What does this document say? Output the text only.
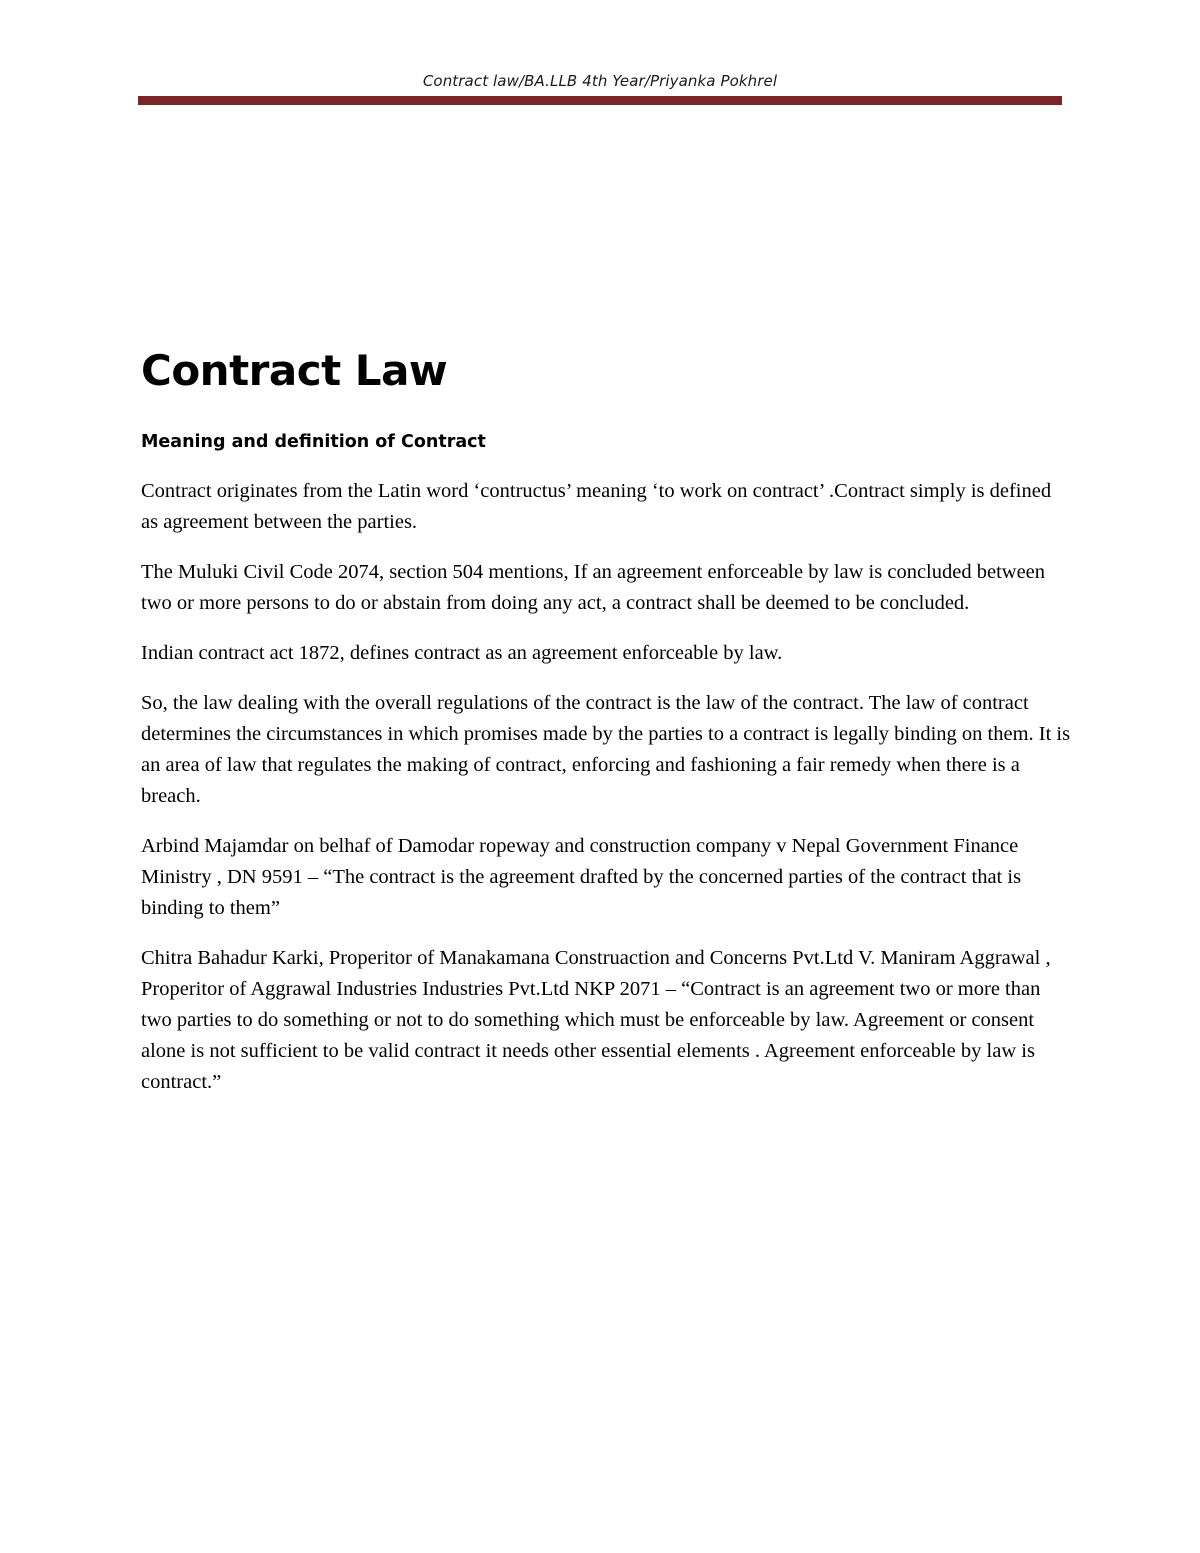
Contract law/BA.LLB 4th Year/Priyanka Pokhrel
Contract Law
Meaning and definition of Contract

Contract originates from the Latin word ‘contructus’ meaning ‘to work on contract’ .Contract simply is defined as agreement between the parties.

The Muluki Civil Code 2074, section 504 mentions, If an agreement enforceable by law is concluded between two or more persons to do or abstain from doing any act, a contract shall be deemed to be concluded.

Indian contract act 1872, defines contract as an agreement enforceable by law.

So, the law dealing with the overall regulations of the contract is the law of the contract. The law of contract determines the circumstances in which promises made by the parties to a contract is legally binding on them. It is an area of law that regulates the making of contract, enforcing and fashioning a fair remedy when there is a breach.

Arbind Majamdar on belhaf of Damodar ropeway and construction company v Nepal Government Finance Ministry , DN 9591 – “The contract is the agreement drafted by the concerned parties of the contract that is binding to them”

Chitra Bahadur Karki, Properitor of Manakamana Construaction and Concerns Pvt.Ltd V. Maniram Aggrawal , Properitor of Aggrawal Industries Industries Pvt.Ltd NKP 2071 – “Contract is an agreement two or more than two parties to do something or not to do something which must be enforceable by law. Agreement or consent alone is not sufficient to be valid contract it needs other essential elements . Agreement enforceable by law is contract.”
